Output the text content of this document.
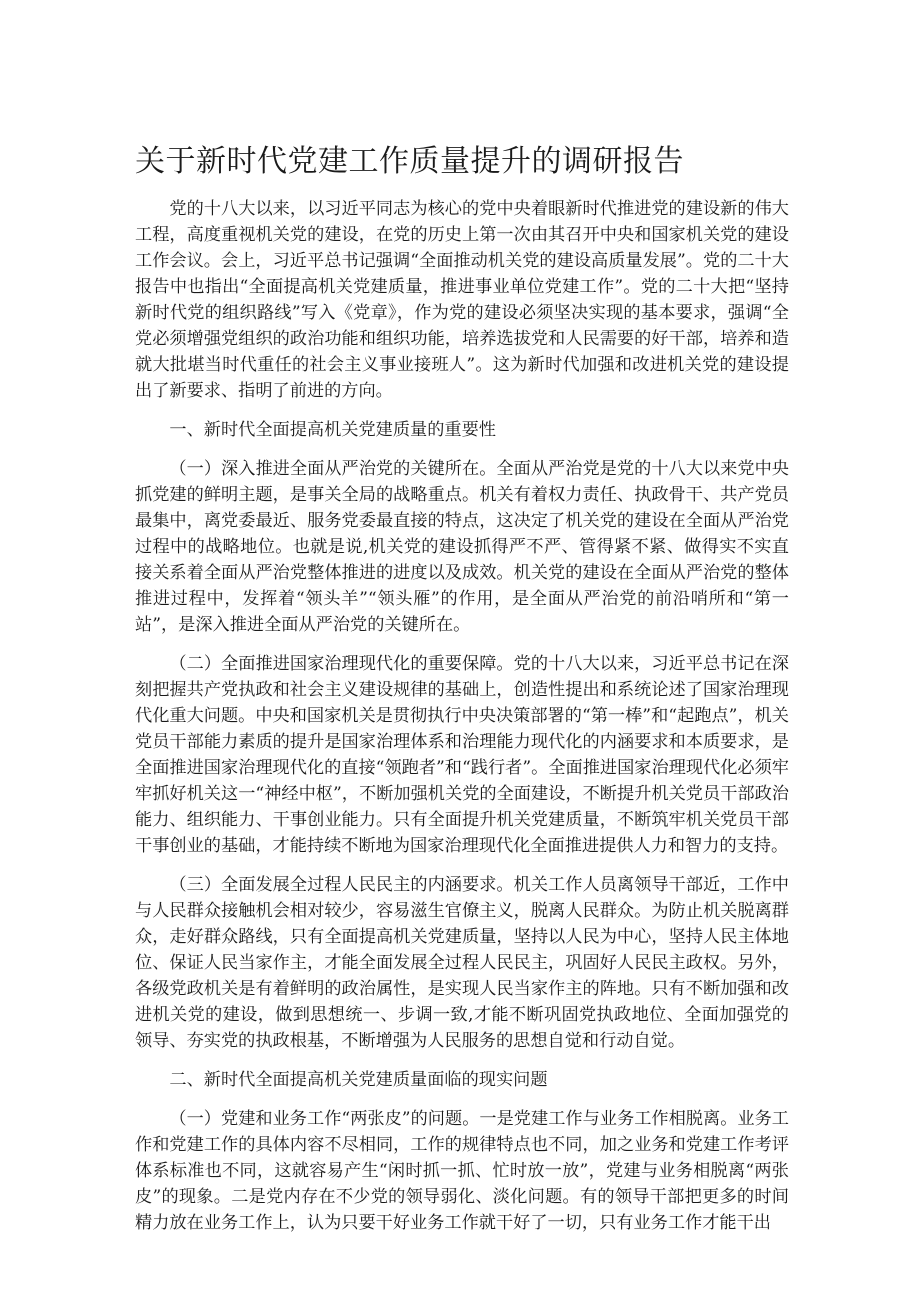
关于新时代党建工作质量提升的调研报告

党的十八大以来，以习近平同志为核心的党中央着眼新时代推进党的建设新的伟大工程，高度重视机关党的建设，在党的历史上第一次由其召开中央和国家机关党的建设工作会议。会上，习近平总书记强调“全面推动机关党的建设高质量发展”。党的二十大报告中也指出“全面提高机关党建质量，推进事业单位党建工作”。党的二十大把“坚持新时代党的组织路线”写入《党章》，作为党的建设必须坚决实现的基本要求，强调“全党必须增强党组织的政治功能和组织功能，培养选拔党和人民需要的好干部，培养和造就大批堪当时代重任的社会主义事业接班人”。这为新时代加强和改进机关党的建设提出了新要求、指明了前进的方向。

一、新时代全面提高机关党建质量的重要性

（一）深入推进全面从严治党的关键所在。全面从严治党是党的十八大以来党中央抓党建的鲜明主题，是事关全局的战略重点。机关有着权力责任、执政骨干、共产党员最集中，离党委最近、服务党委最直接的特点，这决定了机关党的建设在全面从严治党过程中的战略地位。也就是说,机关党的建设抓得严不严、管得紧不紧、做得实不实直接关系着全面从严治党整体推进的进度以及成效。机关党的建设在全面从严治党的整体推进过程中，发挥着“领头羊”“领头雁”的作用，是全面从严治党的前沿哨所和“第一站”，是深入推进全面从严治党的关键所在。

（二）全面推进国家治理现代化的重要保障。党的十八大以来，习近平总书记在深刻把握共产党执政和社会主义建设规律的基础上，创造性提出和系统论述了国家治理现代化重大问题。中央和国家机关是贯彻执行中央决策部署的“第一棒”和“起跑点”，机关党员干部能力素质的提升是国家治理体系和治理能力现代化的内涵要求和本质要求，是全面推进国家治理现代化的直接“领跑者”和“践行者”。全面推进国家治理现代化必须牢牢抓好机关这一“神经中枢”，不断加强机关党的全面建设，不断提升机关党员干部政治能力、组织能力、干事创业能力。只有全面提升机关党建质量，不断筑牢机关党员干部干事创业的基础，才能持续不断地为国家治理现代化全面推进提供人力和智力的支持。

（三）全面发展全过程人民民主的内涵要求。机关工作人员离领导干部近，工作中与人民群众接触机会相对较少，容易滋生官僚主义，脱离人民群众。为防止机关脱离群众，走好群众路线，只有全面提高机关党建质量，坚持以人民为中心，坚持人民主体地位、保证人民当家作主，才能全面发展全过程人民民主，巩固好人民民主政权。另外，各级党政机关是有着鲜明的政治属性，是实现人民当家作主的阵地。只有不断加强和改进机关党的建设，做到思想统一、步调一致,才能不断巩固党执政地位、全面加强党的领导、夯实党的执政根基，不断增强为人民服务的思想自觉和行动自觉。

二、新时代全面提高机关党建质量面临的现实问题

（一）党建和业务工作“两张皮”的问题。一是党建工作与业务工作相脱离。业务工作和党建工作的具体内容不尽相同，工作的规律特点也不同，加之业务和党建工作考评体系标准也不同，这就容易产生“闲时抓一抓、忙时放一放”，党建与业务相脱离“两张皮”的现象。二是党内存在不少党的领导弱化、淡化问题。有的领导干部把更多的时间精力放在业务工作上，认为只要干好业务工作就干好了一切，只有业务工作才能干出
